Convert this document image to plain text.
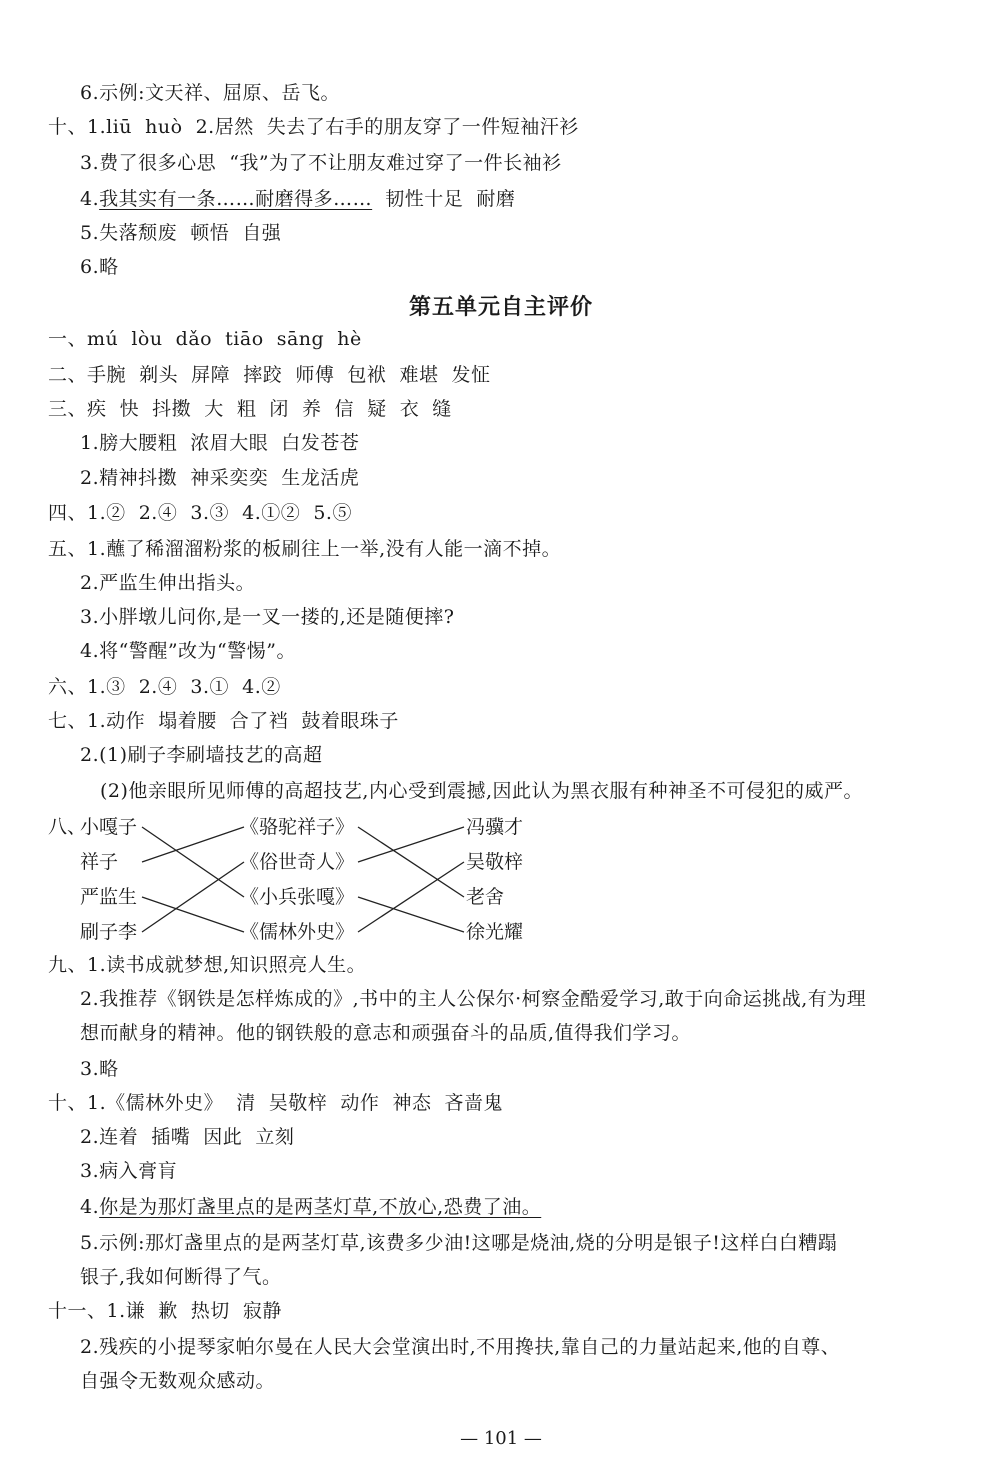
6.示例:文天祥、屈原、岳飞。
十、1.liū  huò  2.居然  失去了右手的朋友穿了一件短袖汗衫
3.费了很多心思  “我”为了不让朋友难过穿了一件长袖衫
4.我其实有一条……耐磨得多……  韧性十足  耐磨
5.失落颓废  顿悟  自强
6.略
第五单元自主评价
一、mú  lòu  dǎo  tiāo  sāng  hè
二、手腕  剃头  屏障  摔跤  师傅  包袱  难堪  发怔
三、疾  快  抖擞  大  粗  闭  养  信  疑  衣  缝
1.膀大腰粗  浓眉大眼  白发苍苍
2.精神抖擞  神采奕奕  生龙活虎
四、1.②  2.④  3.③  4.①②  5.⑤
五、1.蘸了稀溜溜粉浆的板刷往上一举,没有人能一滴不掉。
2.严监生伸出指头。
3.小胖墩儿问你,是一叉一搂的,还是随便摔?
4.将“警醒”改为“警惕”。
六、1.③  2.④  3.①  4.②
七、1.动作  塌着腰  合了裆  鼓着眼珠子
2.(1)刷子李刷墙技艺的高超
(2)他亲眼所见师傅的高超技艺,内心受到震撼,因此认为黑衣服有种神圣不可侵犯的威严。
八、
小嘎子
祥子
严监生
刷子李
《骆驼祥子》
《俗世奇人》
《小兵张嘎》
《儒林外史》
冯骥才
吴敬梓
老舍
徐光耀
九、1.读书成就梦想,知识照亮人生。
2.我推荐《钢铁是怎样炼成的》,书中的主人公保尔·柯察金酷爱学习,敢于向命运挑战,有为理
想而献身的精神。他的钢铁般的意志和顽强奋斗的品质,值得我们学习。
3.略
十、1.《儒林外史》  清  吴敬梓  动作  神态  吝啬鬼
2.连着  插嘴  因此  立刻
3.病入膏肓
4.你是为那灯盏里点的是两茎灯草,不放心,恐费了油。
5.示例:那灯盏里点的是两茎灯草,该费多少油!这哪是烧油,烧的分明是银子!这样白白糟蹋
银子,我如何断得了气。
十一、1.谦  歉  热切  寂静
2.残疾的小提琴家帕尔曼在人民大会堂演出时,不用搀扶,靠自己的力量站起来,他的自尊、
自强令无数观众感动。
— 101 —
